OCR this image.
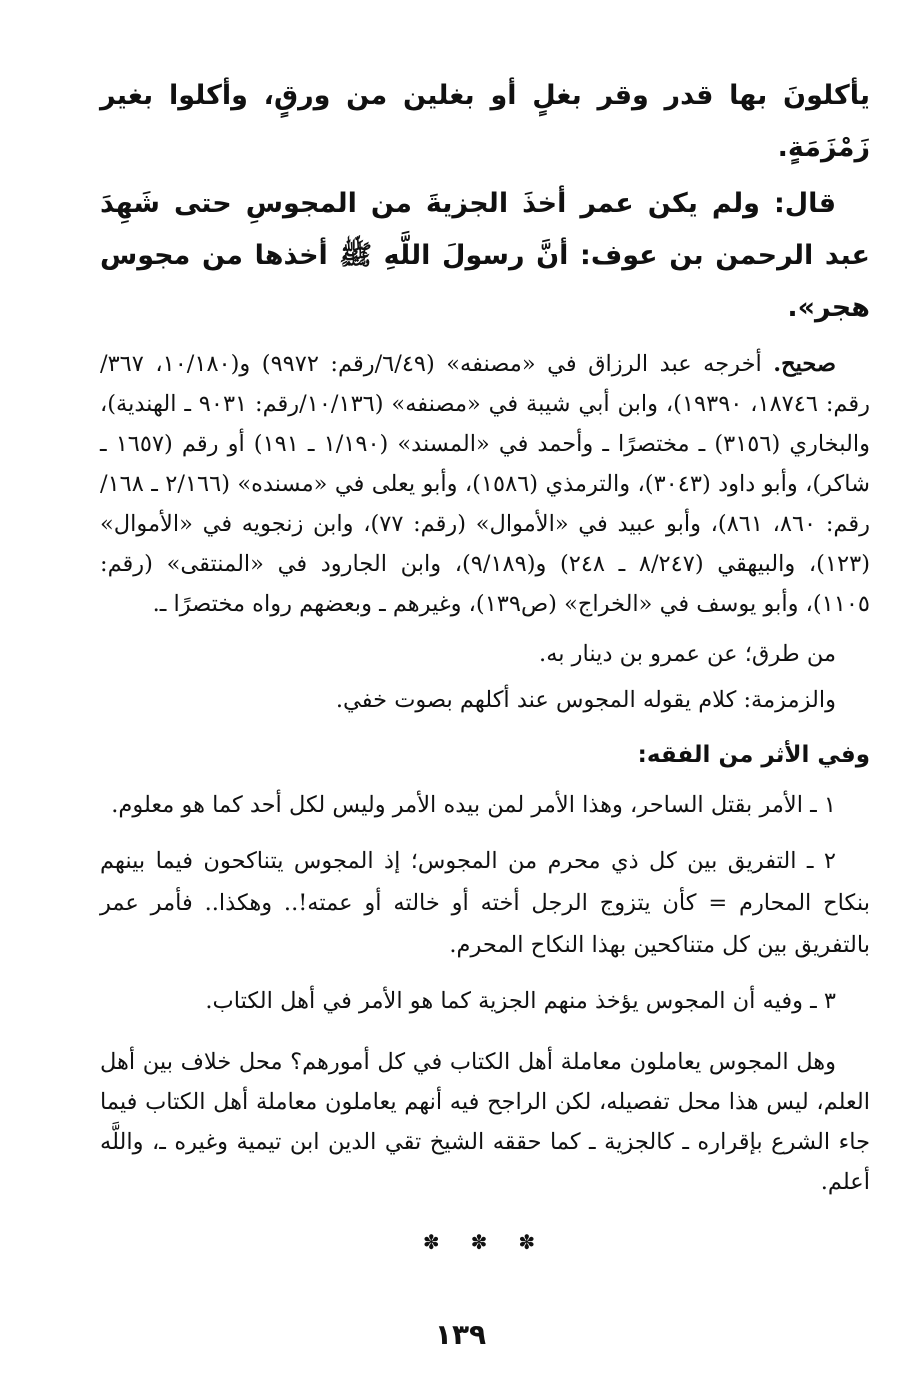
يأكلونَ بها قدر وقر بغلٍ أو بغلين من ورقٍ، وأكلوا بغير زَمْزَمَةٍ.

قال: ولم يكن عمر أخذَ الجزيةَ من المجوسِ حتى شَهِدَ عبد الرحمن بن عوف: أنَّ رسولَ اللَّهِ ﷺ أخذها من مجوس هجر».

صحيح. أخرجه عبد الرزاق في «مصنفه» (٦/٤٩/رقم: ٩٩٧٢) و(١٠/١٨٠، ٣٦٧/رقم: ١٨٧٤٦، ١٩٣٩٠)، وابن أبي شيبة في «مصنفه» (١٠/١٣٦/رقم: ٩٠٣١ ـ الهندية)، والبخاري (٣١٥٦) ـ مختصرًا ـ وأحمد في «المسند» (١/١٩٠ ـ ١٩١) أو رقم (١٦٥٧ ـ شاكر)، وأبو داود (٣٠٤٣)، والترمذي (١٥٨٦)، وأبو يعلى في «مسنده» (٢/١٦٦ ـ ١٦٨/رقم: ٨٦٠، ٨٦١)، وأبو عبيد في «الأموال» (رقم: ٧٧)، وابن زنجويه في «الأموال» (١٢٣)، والبيهقي (٨/٢٤٧ ـ ٢٤٨) و(٩/١٨٩)، وابن الجارود في «المنتقى» (رقم: ١١٠٥)، وأبو يوسف في «الخراج» (ص١٣٩)، وغيرهم ـ وبعضهم رواه مختصرًا ـ.

من طرق؛ عن عمرو بن دينار به.

والزمزمة: كلام يقوله المجوس عند أكلهم بصوت خفي.

وفي الأثر من الفقه:

١ ـ الأمر بقتل الساحر، وهذا الأمر لمن بيده الأمر وليس لكل أحد كما هو معلوم.

٢ ـ التفريق بين كل ذي محرم من المجوس؛ إذ المجوس يتناكحون فيما بينهم بنكاح المحارم = كأن يتزوج الرجل أخته أو خالته أو عمته!.. وهكذا.. فأمر عمر بالتفريق بين كل متناكحين بهذا النكاح المحرم.

٣ ـ وفيه أن المجوس يؤخذ منهم الجزية كما هو الأمر في أهل الكتاب.

وهل المجوس يعاملون معاملة أهل الكتاب في كل أمورهم؟ محل خلاف بين أهل العلم، ليس هذا محل تفصيله، لكن الراجح فيه أنهم يعاملون معاملة أهل الكتاب فيما جاء الشرع بإقراره ـ كالجزية ـ كما حققه الشيخ تقي الدين ابن تيمية وغيره ـ، واللَّه أعلم.

✽ ✽ ✽
١٣٩
